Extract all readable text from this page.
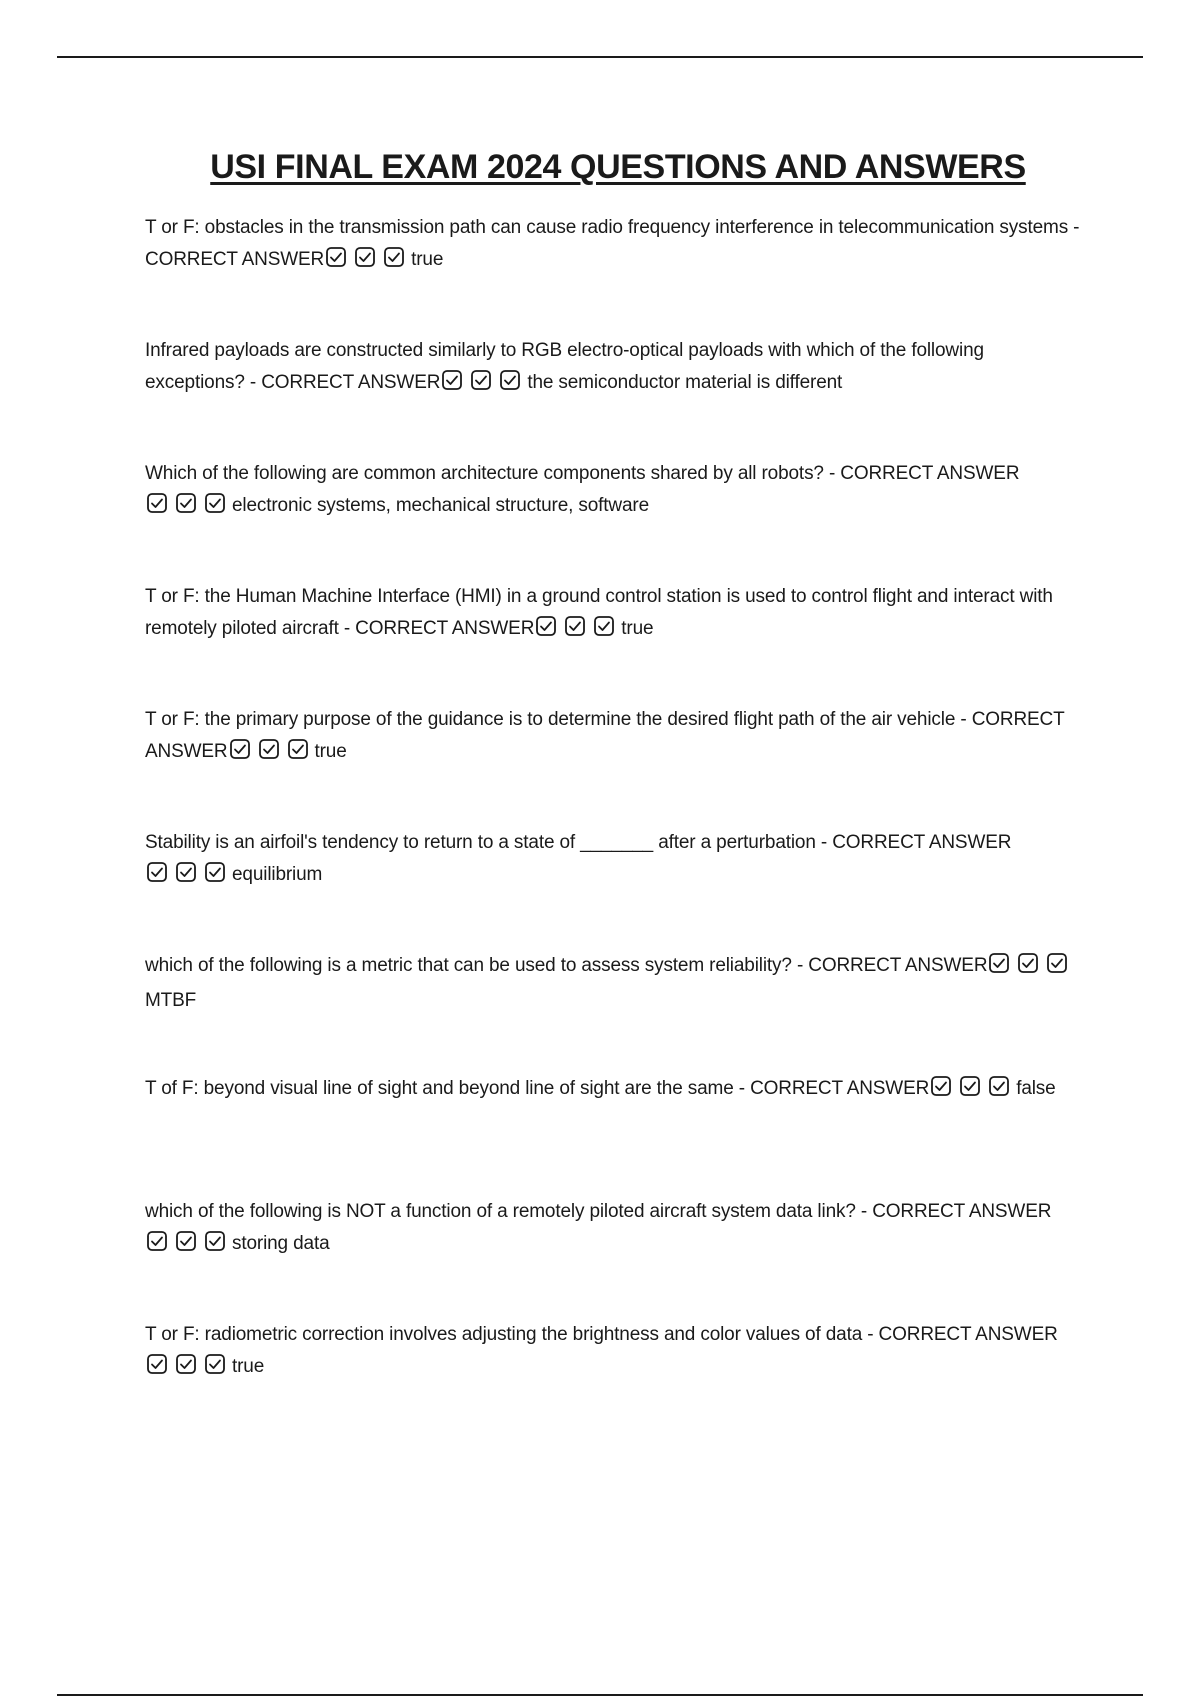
USI FINAL EXAM 2024 QUESTIONS AND ANSWERS

T or F: obstacles in the transmission path can cause radio frequency interference in telecommunication systems - CORRECT ANSWER	true

Infrared payloads are constructed similarly to RGB electro-optical payloads with which of the following exceptions? - CORRECT ANSWER	the semiconductor material is different

Which of the following are common architecture components shared by all robots? - CORRECT ANSWER
electronic systems, mechanical structure, software

T or F: the Human Machine Interface (HMI) in a ground control station is used to control flight and interact with remotely piloted aircraft - CORRECT ANSWER	true

T or F: the primary purpose of the guidance is to determine the desired flight path of the air vehicle - CORRECT ANSWER	true

Stability is an airfoil's tendency to return to a state of _______ after a perturbation - CORRECT ANSWER
equilibrium

which of the following is a metric that can be used to assess system reliability? - CORRECT ANSWER
MTBF

T of F: beyond visual line of sight and beyond line of sight are the same - CORRECT ANSWER	false

which of the following is NOT a function of a remotely piloted aircraft system data link? - CORRECT ANSWER
storing data

T or F: radiometric correction involves adjusting the brightness and color values of data - CORRECT ANSWER
true
